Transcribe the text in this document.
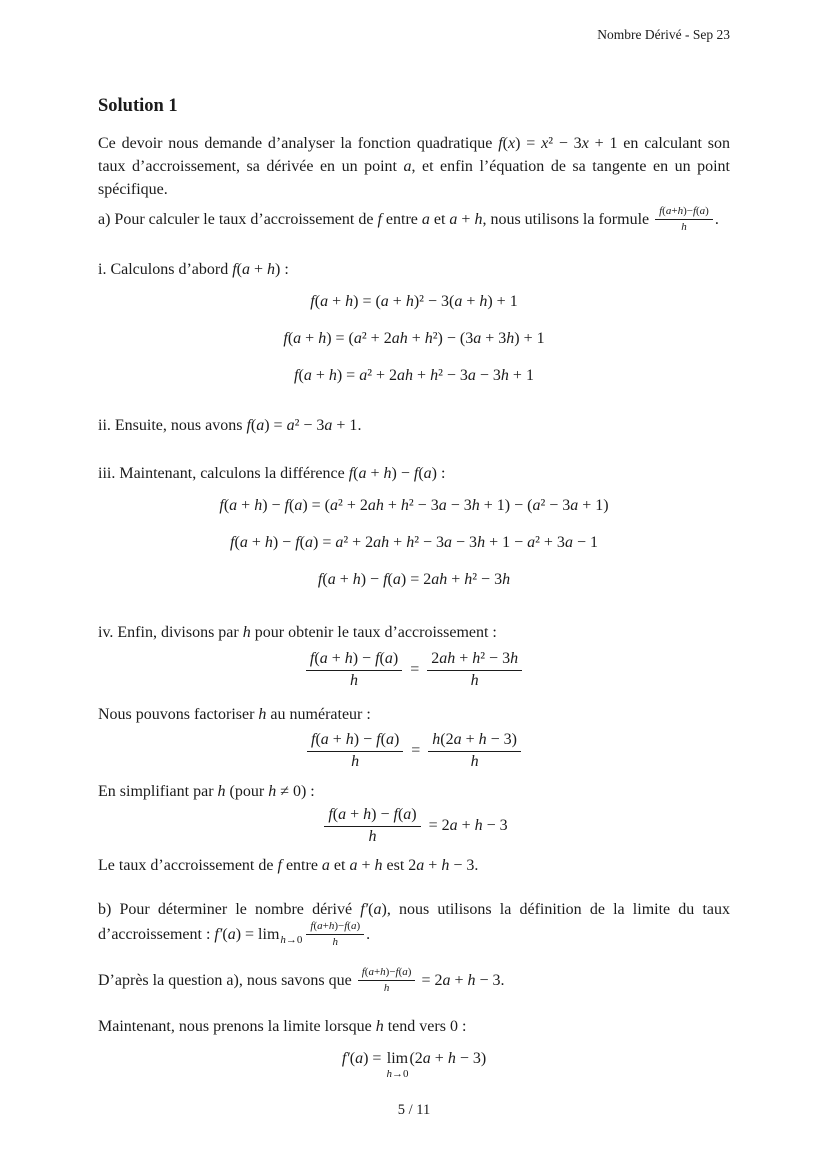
Nombre Dérivé - Sep 23
Solution 1
Ce devoir nous demande d’analyser la fonction quadratique f(x) = x² − 3x + 1 en calculant son taux d’accroissement, sa dérivée en un point a, et enfin l’équation de sa tangente en un point spécifique.
a) Pour calculer le taux d’accroissement de f entre a et a + h, nous utilisons la formule $\frac{f(a+h)-f(a)}{h}$ .
i. Calculons d’abord f(a + h) :
f(a + h) = (a + h)² − 3(a + h) + 1
f(a + h) = (a² + 2ah + h²) − (3a + 3h) + 1
f(a + h) = a² + 2ah + h² − 3a − 3h + 1
ii. Ensuite, nous avons f(a) = a² − 3a + 1.
iii. Maintenant, calculons la différence f(a + h) − f(a) :
f(a + h) − f(a) = (a² + 2ah + h² − 3a − 3h + 1) − (a² − 3a + 1)
f(a + h) − f(a) = a² + 2ah + h² − 3a − 3h + 1 − a² + 3a − 1
f(a + h) − f(a) = 2ah + h² − 3h
iv. Enfin, divisons par h pour obtenir le taux d’accroissement :
$\frac{f(a + h) - f(a)}{h} = \frac{\text{2ah + h² − 3h}}{h}$
Nous pouvons factoriser h au numérateur :
$\frac{f(a + h) - f(a)}{h} = \frac{h(2a + h - 3)}{h}$
En simplifiant par h (pour h ≠ 0) :
$\frac{f(a + h) - f(a)}{h} = 2a + h - 3$
Le taux d’accroissement de f entre a et a + h est 2a + h − 3.
b) Pour déterminer le nombre dérivé f′(a), nous utilisons la définition de la limite du taux d’accroissement : $f'(a) = \lim_{h\to 0} \frac{f(a+h)-f(a)}{h}$ .
D’après la question a), nous savons que $\frac{f(a+h)-f(a)}{h} = 2a + h - 3$.
Maintenant, nous prenons la limite lorsque h tend vers 0 :
f′(a) = lim
h→0
(2a + h − 3)
5 / 11
